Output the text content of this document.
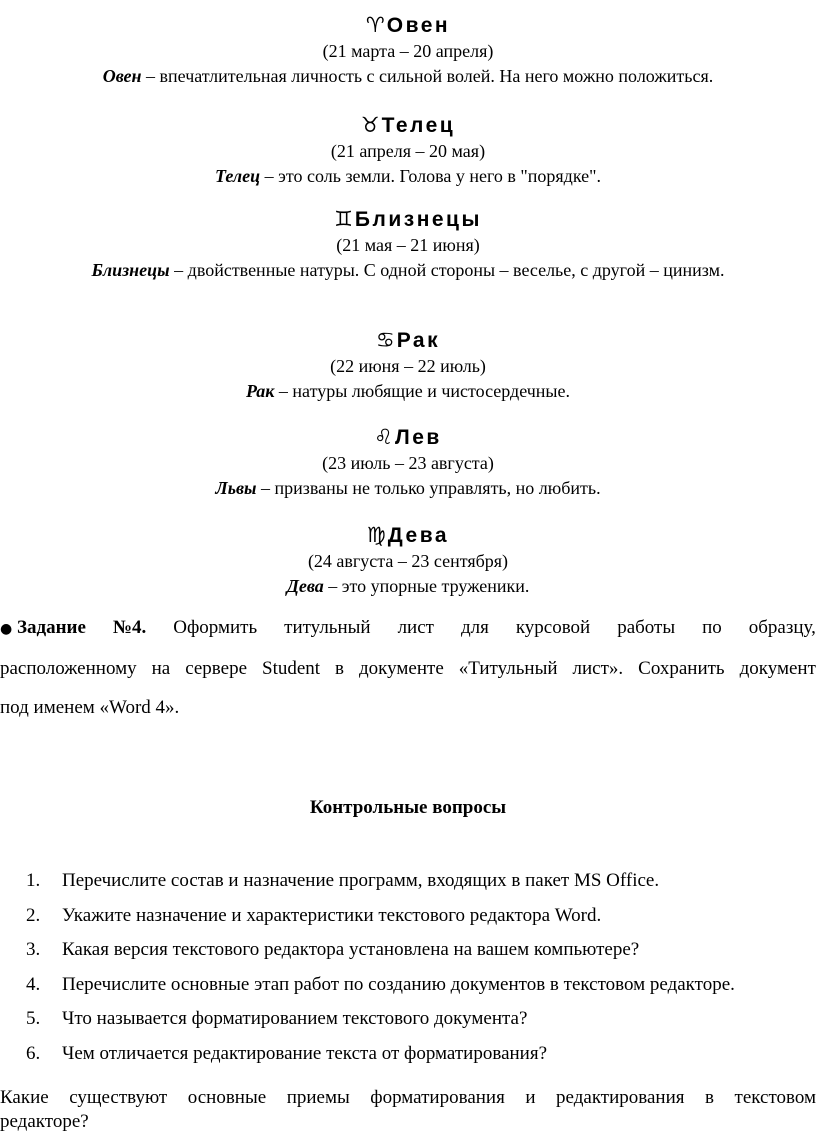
♈Овен
(21 марта – 20 апреля)
Овен – впечатлительная личность с сильной волей. На него можно положиться.
♉Телец
(21 апреля – 20 мая)
Телец – это соль земли. Голова у него в "порядке".
♊Близнецы
(21 мая – 21 июня)
Близнецы – двойственные натуры. С одной стороны – веселье, с другой – цинизм.
♋Рак
(22 июня – 22 июль)
Рак – натуры любящие и чистосердечные.
♌Лев
(23 июль – 23 августа)
Львы – призваны не только управлять, но любить.
♍Дева
(24 августа – 23 сентября)
Дева – это упорные труженики.
● Задание №4. Оформить титульный лист для курсовой работы по образцу,
расположенному на сервере Student в документе «Титульный лист». Сохранить документ
под именем «Word 4».
Контрольные вопросы
1.	Перечислите состав и назначение программ, входящих в пакет MS Office.
2.	Укажите назначение и характеристики текстового редактора Word.
3.	Какая версия текстового редактора установлена на вашем компьютере?
4.	Перечислите основные этап работ по созданию документов в текстовом редакторе.
5.	Что называется форматированием текстового документа?
6.	Чем отличается редактирование текста от форматирования?
Какие существуют основные приемы форматирования и редактирования в текстовом
редакторе?
